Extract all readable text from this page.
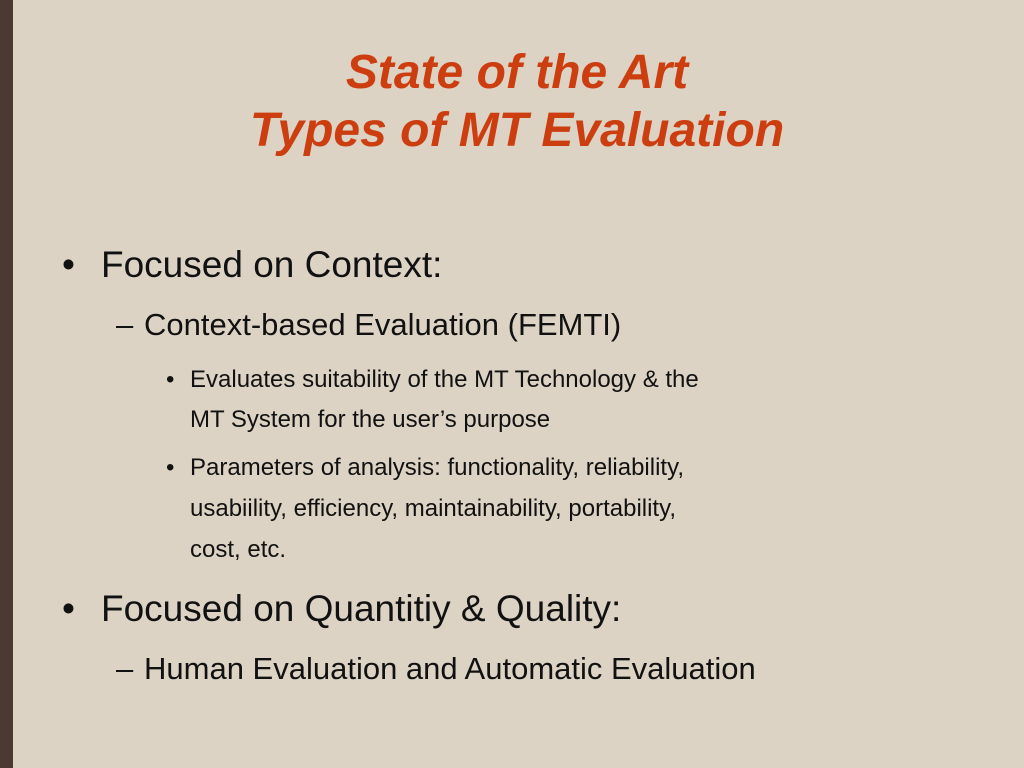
State of the Art
Types of MT Evaluation
• Focused on Context:
– Context-based Evaluation (FEMTI)
• Evaluates suitability of the MT Technology & the
MT System for the user’s purpose
• Parameters of analysis: functionality, reliability,
usabiility, efficiency, maintainability, portability,
cost, etc.
• Focused on Quantitiy & Quality:
– Human Evaluation and Automatic Evaluation
